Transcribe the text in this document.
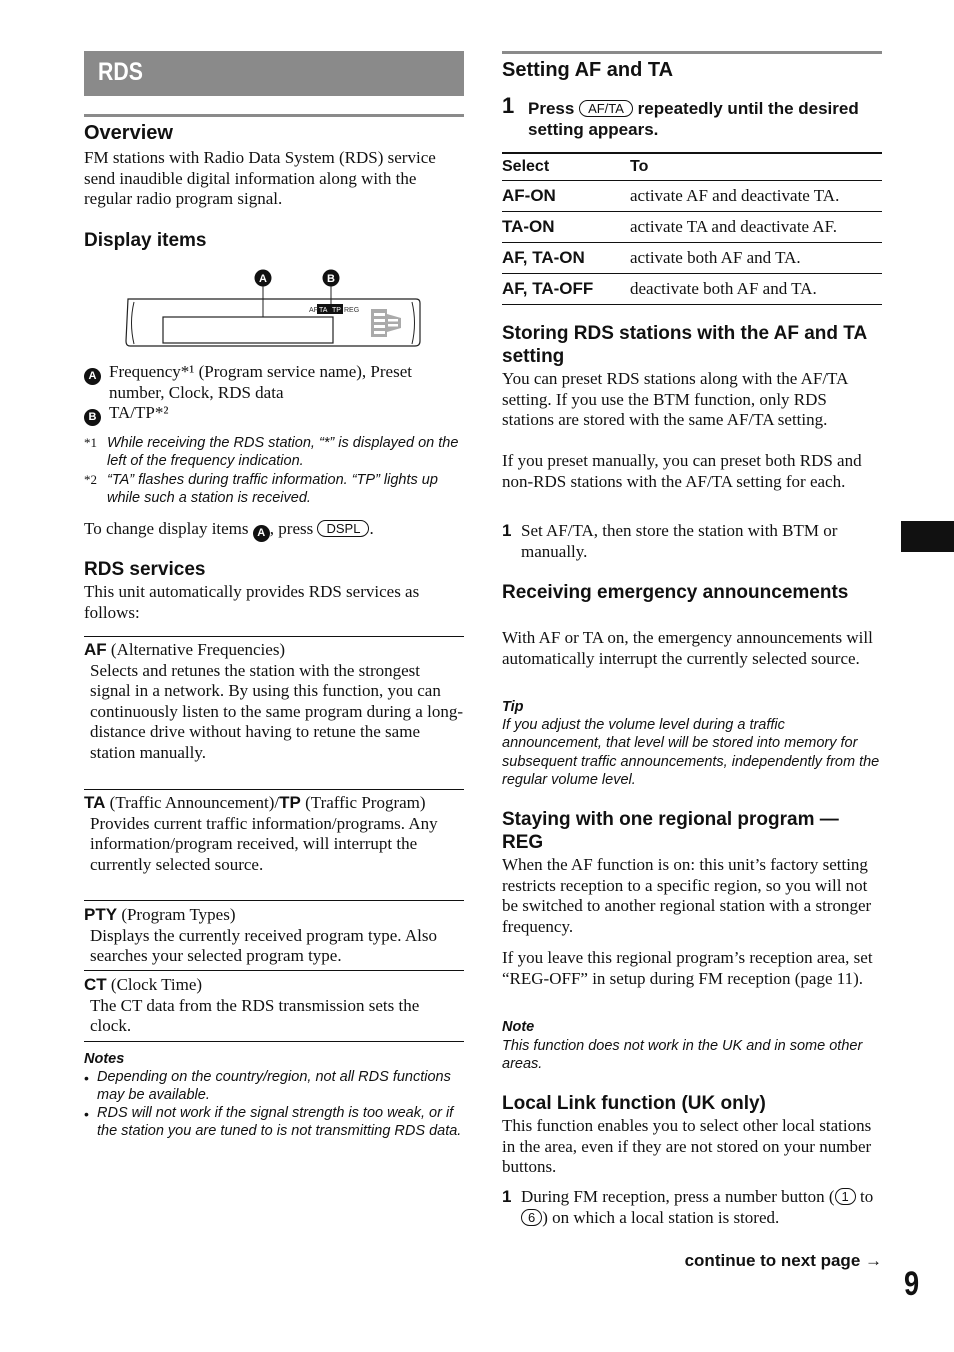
RDS
Overview
FM stations with Radio Data System (RDS) service send inaudible digital information along with the regular radio program signal.
Display items
A	B
AF TA TP REG
A Frequency*¹ (Program service name), Preset number, Clock, RDS data
B TA/TP*²
*1 While receiving the RDS station, “*” is displayed on the left of the frequency indication.
*2 “TA” flashes during traffic information. “TP” lights up while such a station is received.
To change display items A , press DSPL .
RDS services
This unit automatically provides RDS services as follows:
AF (Alternative Frequencies)
Selects and retunes the station with the strongest signal in a network. By using this function, you can continuously listen to the same program during a long-distance drive without having to retune the same station manually.
TA (Traffic Announcement)/TP (Traffic Program)
Provides current traffic information/programs. Any information/program received, will interrupt the currently selected source.
PTY (Program Types)
Displays the currently received program type. Also searches your selected program type.
CT (Clock Time)
The CT data from the RDS transmission sets the clock.
Notes
• Depending on the country/region, not all RDS functions may be available.
• RDS will not work if the signal strength is too weak, or if the station you are tuned to is not transmitting RDS data.
Setting AF and TA
1 Press AF/TA repeatedly until the desired setting appears.
Select	To
AF-ON	activate AF and deactivate TA.
TA-ON	activate TA and deactivate AF.
AF, TA-ON	activate both AF and TA.
AF, TA-OFF	deactivate both AF and TA.
Storing RDS stations with the AF and TA setting
You can preset RDS stations along with the AF/TA setting. If you use the BTM function, only RDS stations are stored with the same AF/TA setting.
If you preset manually, you can preset both RDS and non-RDS stations with the AF/TA setting for each.
1 Set AF/TA, then store the station with BTM or manually.
Receiving emergency announcements
With AF or TA on, the emergency announcements will automatically interrupt the currently selected source.
Tip
If you adjust the volume level during a traffic announcement, that level will be stored into memory for subsequent traffic announcements, independently from the regular volume level.
Staying with one regional program — REG
When the AF function is on: this unit’s factory setting restricts reception to a specific region, so you will not be switched to another regional station with a stronger frequency.
If you leave this regional program’s reception area, set “REG-OFF” in setup during FM reception (page 11).
Note
This function does not work in the UK and in some other areas.
Local Link function (UK only)
This function enables you to select other local stations in the area, even if they are not stored on your number buttons.
1 During FM reception, press a number button ( 1 to 6 ) on which a local station is stored.
continue to next page →
9
